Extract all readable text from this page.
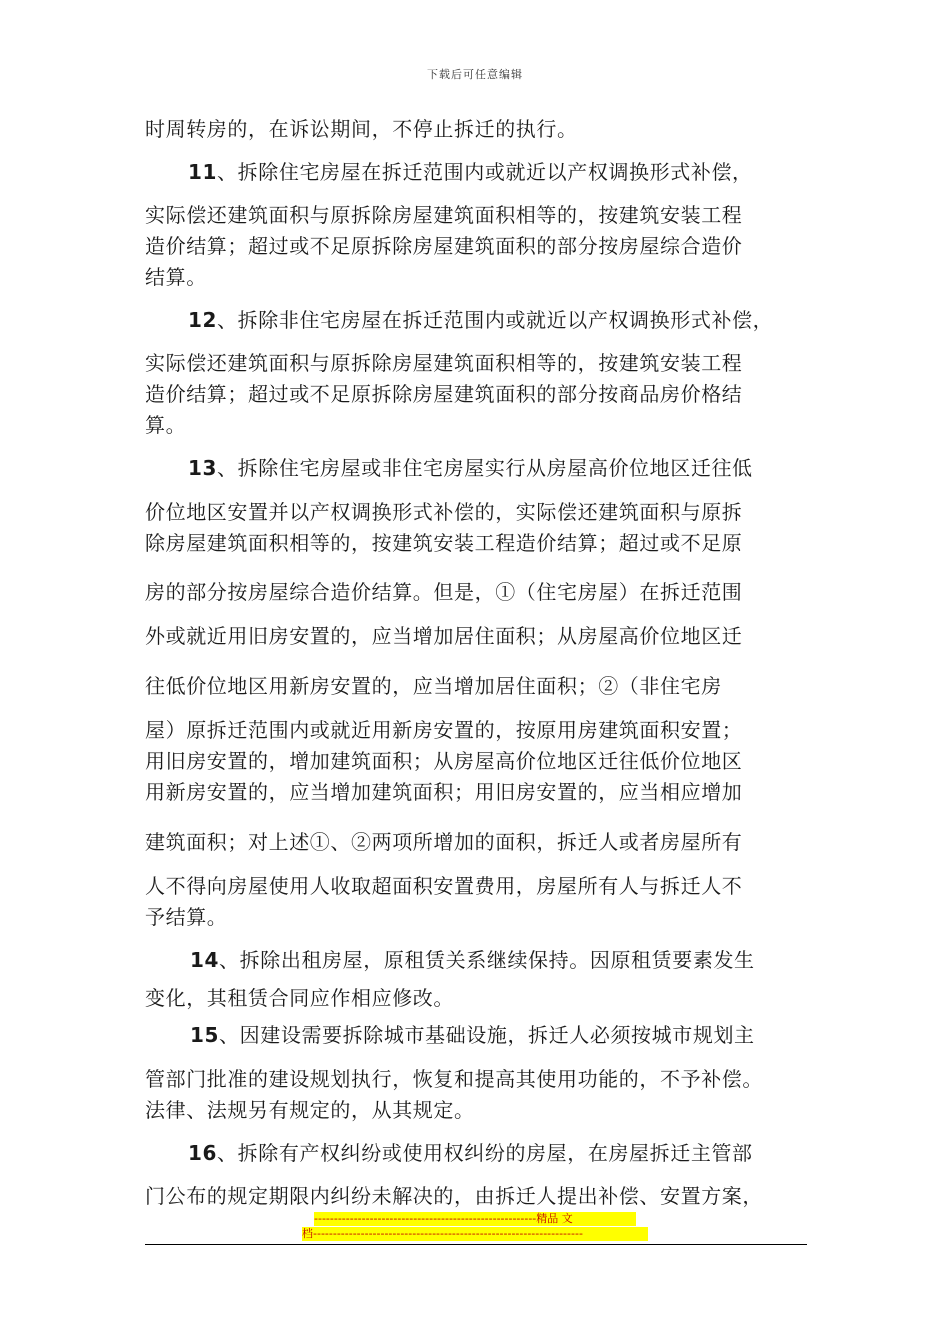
下载后可任意编辑
时周转房的，在诉讼期间，不停止拆迁的执行。
11、拆除住宅房屋在拆迁范围内或就近以产权调换形式补偿，
实际偿还建筑面积与原拆除房屋建筑面积相等的，按建筑安装工程
造价结算；超过或不足原拆除房屋建筑面积的部分按房屋综合造价
结算。
12、拆除非住宅房屋在拆迁范围内或就近以产权调换形式补偿，
实际偿还建筑面积与原拆除房屋建筑面积相等的，按建筑安装工程
造价结算；超过或不足原拆除房屋建筑面积的部分按商品房价格结
算。
13、拆除住宅房屋或非住宅房屋实行从房屋高价位地区迁往低
价位地区安置并以产权调换形式补偿的，实际偿还建筑面积与原拆
除房屋建筑面积相等的，按建筑安装工程造价结算；超过或不足原
房的部分按房屋综合造价结算。但是，①（住宅房屋）在拆迁范围
外或就近用旧房安置的，应当增加居住面积；从房屋高价位地区迁
往低价位地区用新房安置的，应当增加居住面积；②（非住宅房
屋）原拆迁范围内或就近用新房安置的，按原用房建筑面积安置；
用旧房安置的，增加建筑面积；从房屋高价位地区迁往低价位地区
用新房安置的，应当增加建筑面积；用旧房安置的，应当相应增加
建筑面积；对上述①、②两项所增加的面积，拆迁人或者房屋所有
人不得向房屋使用人收取超面积安置费用，房屋所有人与拆迁人不
予结算。
14、拆除出租房屋，原租赁关系继续保持。因原租赁要素发生
变化，其租赁合同应作相应修改。
15、因建设需要拆除城市基础设施，拆迁人必须按城市规划主
管部门批准的建设规划执行，恢复和提高其使用功能的，不予补偿。
法律、法规另有规定的，从其规定。
16、拆除有产权纠纷或使用权纠纷的房屋，在房屋拆迁主管部
门公布的规定期限内纠纷未解决的，由拆迁人提出补偿、安置方案，
--------------------------------------------------------精品 文
档--------------------------------------------------------------------
